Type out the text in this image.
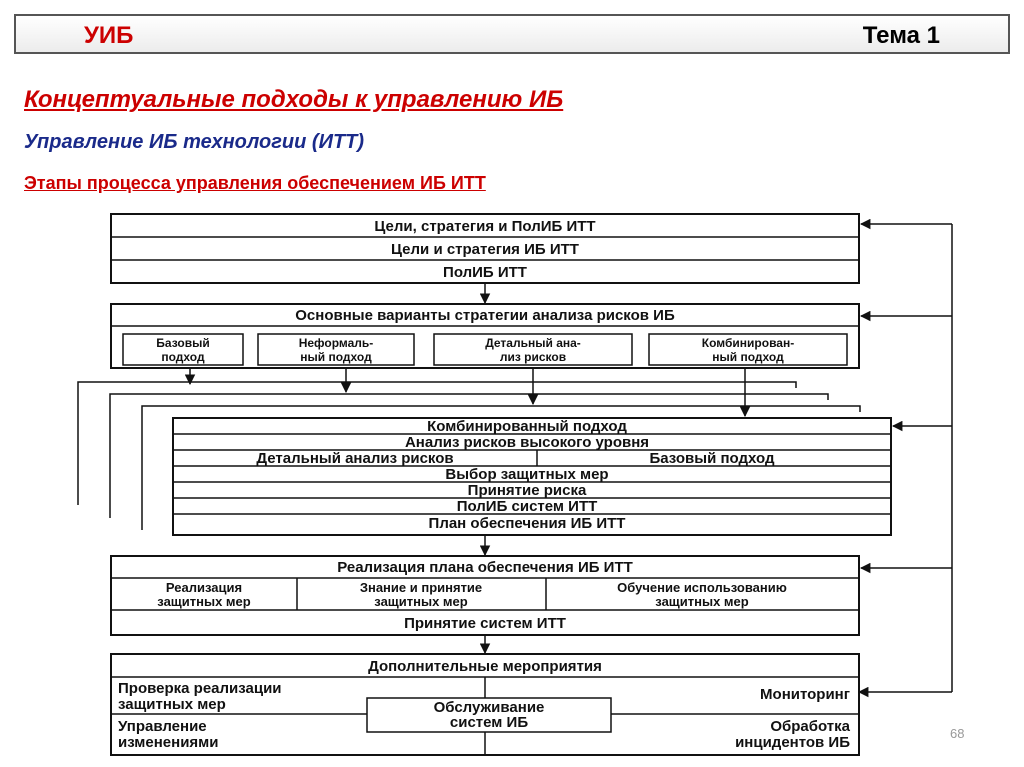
УИБ	Тема 1
Концептуальные подходы к управлению ИБ
Управление ИБ технологии (ИТТ)
Этапы процесса управления обеспечением ИБ ИТТ
Цели, стратегия и ПолИБ ИТТ
Цели и стратегия ИБ ИТТ
ПолИБ ИТТ
Основные варианты стратегии анализа рисков ИБ
Базовый
подход
Неформаль-
ный подход
Детальный ана-
лиз рисков
Комбинирован-
ный подход
Комбинированный подход
Анализ рисков высокого уровня
Детальный анализ рисков	Базовый подход
Выбор защитных мер
Принятие риска
ПолИБ систем ИТТ
План обеспечения ИБ ИТТ
Реализация плана обеспечения ИБ ИТТ
Реализация
защитных мер
Знание и принятие
защитных мер
Обучение использованию
защитных мер
Принятие систем ИТТ
Дополнительные мероприятия
Проверка реализации
защитных мер
Мониторинг
Обслуживание
систем ИБ
Управление
изменениями
Обработка
инцидентов ИБ
68
